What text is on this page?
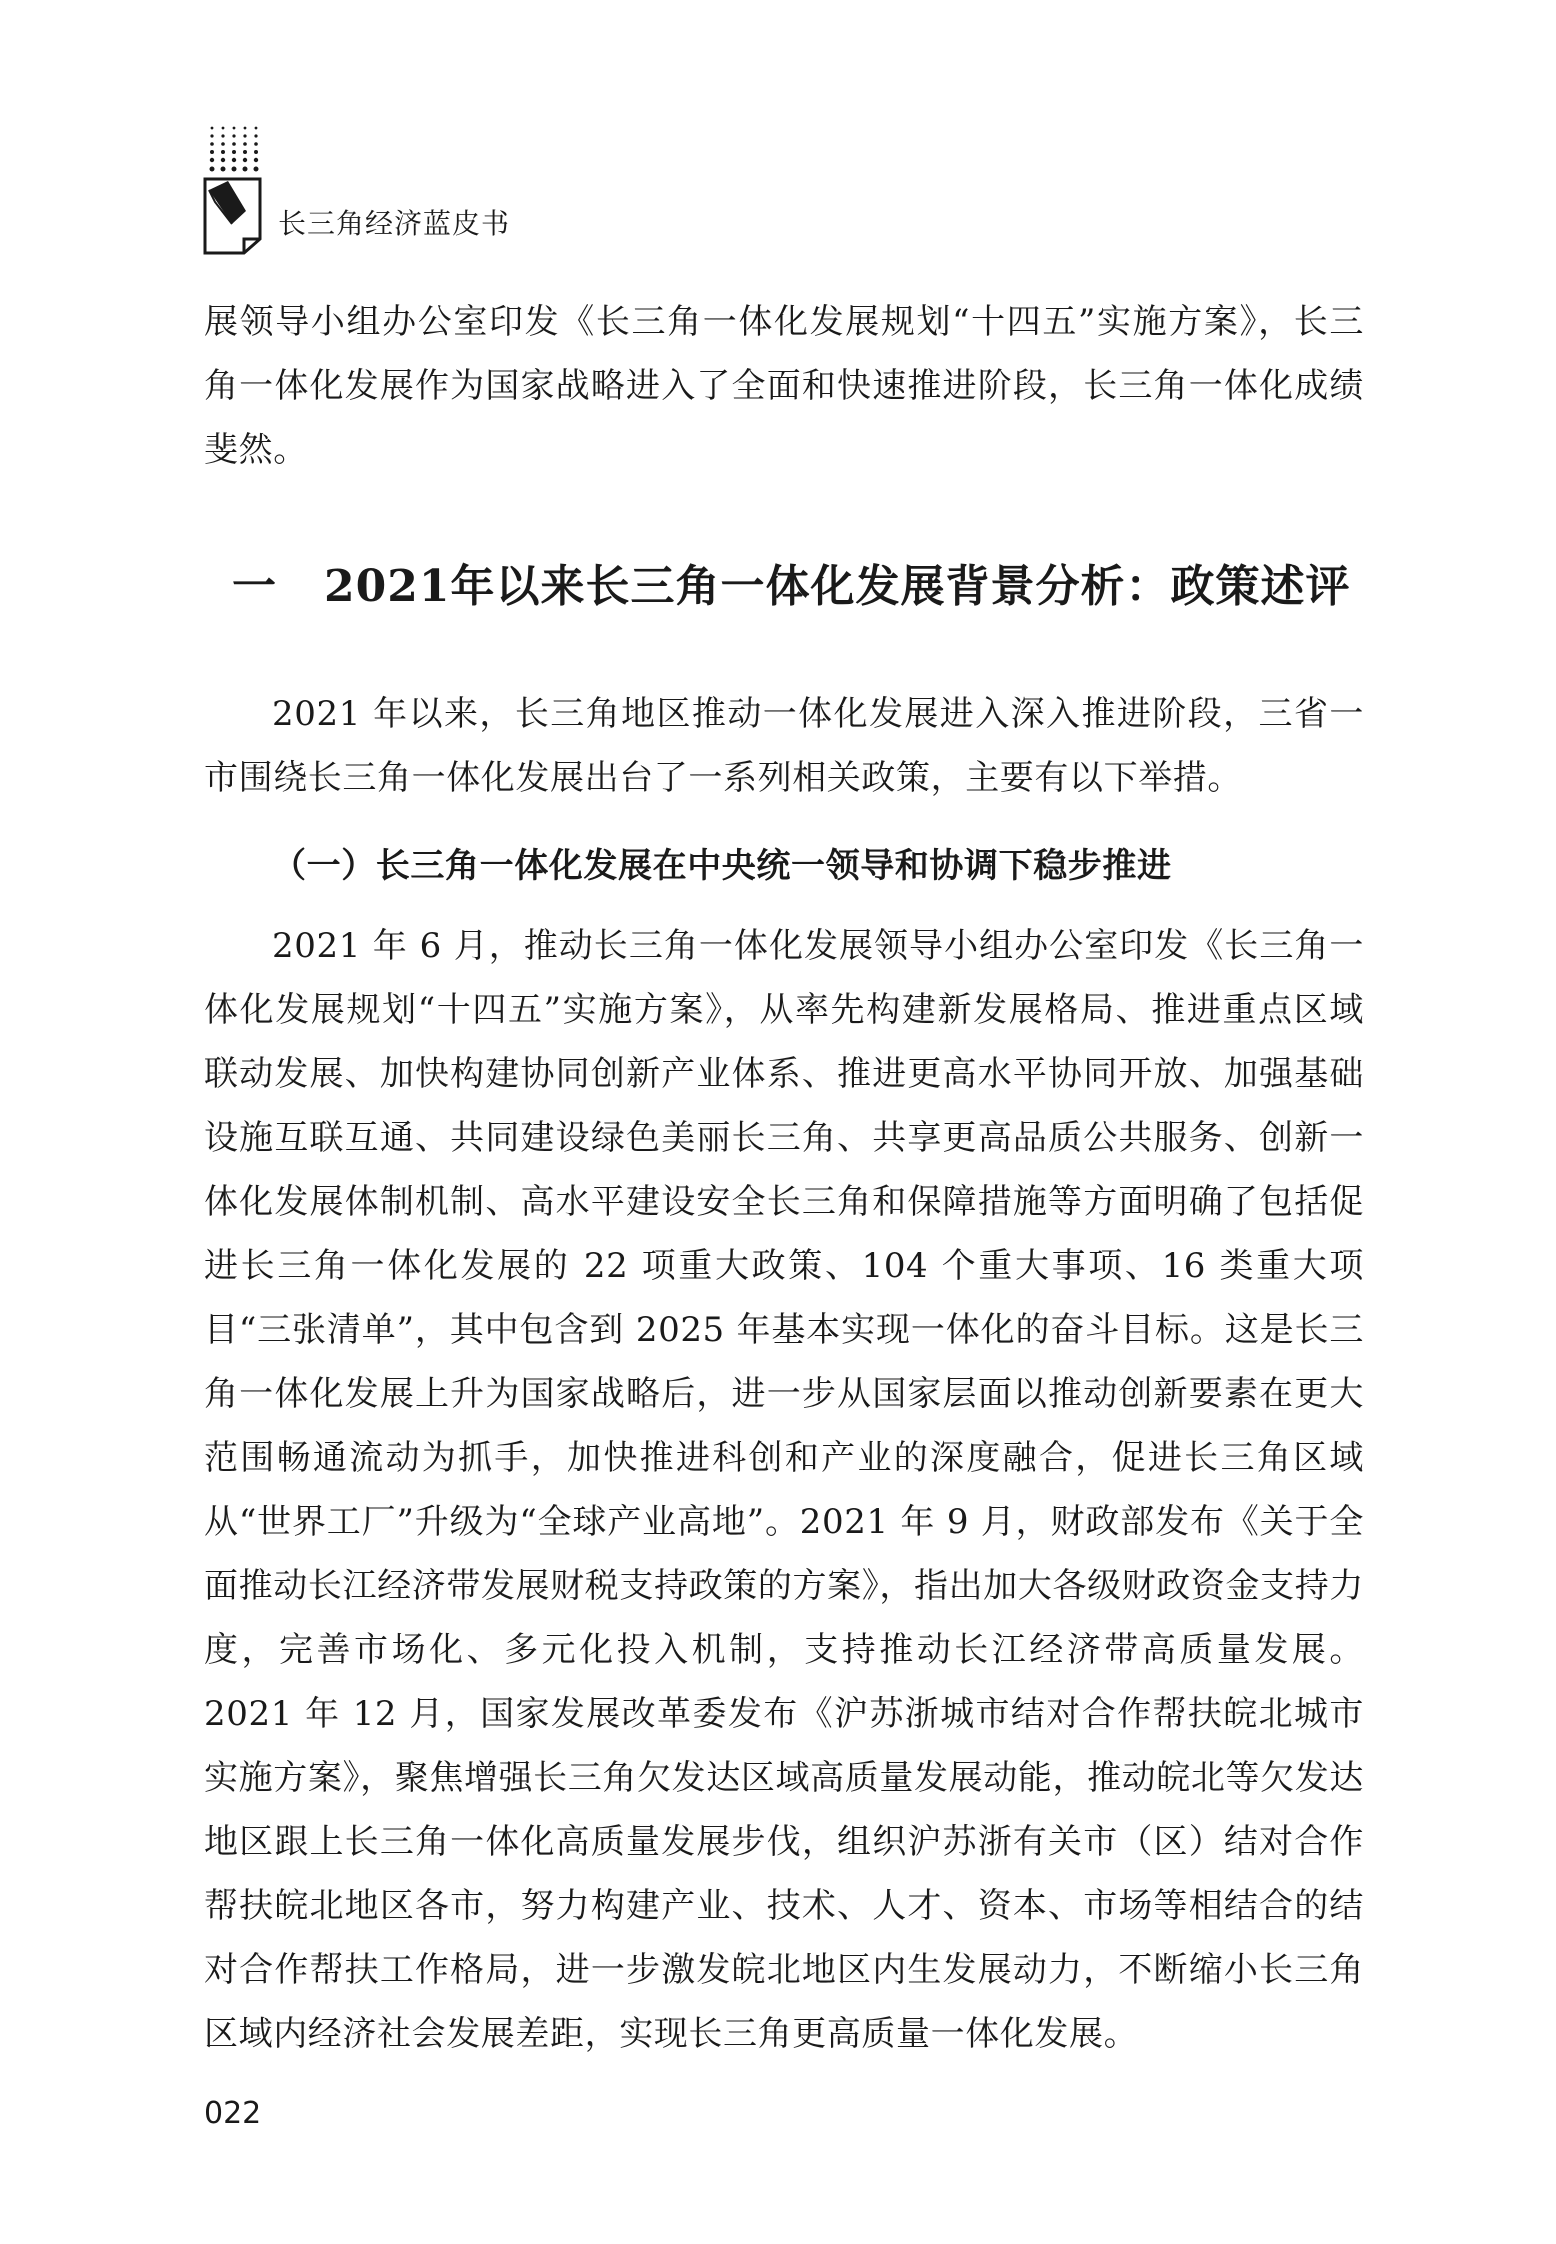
长三角经济蓝皮书

展领导小组办公室印发《长三角一体化发展规划“十四五”实施方案》，长三角一体化发展作为国家战略进入了全面和快速推进阶段，长三角一体化成绩斐然。

一	2021年以来长三角一体化发展背景分析：政策述评

2021 年以来，长三角地区推动一体化发展进入深入推进阶段，三省一市围绕长三角一体化发展出台了一系列相关政策，主要有以下举措。

（一）长三角一体化发展在中央统一领导和协调下稳步推进

2021 年 6 月，推动长三角一体化发展领导小组办公室印发《长三角一体化发展规划“十四五”实施方案》，从率先构建新发展格局、推进重点区域联动发展、加快构建协同创新产业体系、推进更高水平协同开放、加强基础设施互联互通、共同建设绿色美丽长三角、共享更高品质公共服务、创新一体化发展体制机制、高水平建设安全长三角和保障措施等方面明确了包括促进长三角一体化发展的 22 项重大政策、104 个重大事项、16 类重大项目“三张清单”，其中包含到 2025 年基本实现一体化的奋斗目标。这是长三角一体化发展上升为国家战略后，进一步从国家层面以推动创新要素在更大范围畅通流动为抓手，加快推进科创和产业的深度融合，促进长三角区域从“世界工厂”升级为“全球产业高地”。2021 年 9 月，财政部发布《关于全面推动长江经济带发展财税支持政策的方案》，指出加大各级财政资金支持力度，完善市场化、多元化投入机制，支持推动长江经济带高质量发展。2021 年 12 月，国家发展改革委发布《沪苏浙城市结对合作帮扶皖北城市实施方案》，聚焦增强长三角欠发达区域高质量发展动能，推动皖北等欠发达地区跟上长三角一体化高质量发展步伐，组织沪苏浙有关市（区）结对合作帮扶皖北地区各市，努力构建产业、技术、人才、资本、市场等相结合的结对合作帮扶工作格局，进一步激发皖北地区内生发展动力，不断缩小长三角区域内经济社会发展差距，实现长三角更高质量一体化发展。

022
